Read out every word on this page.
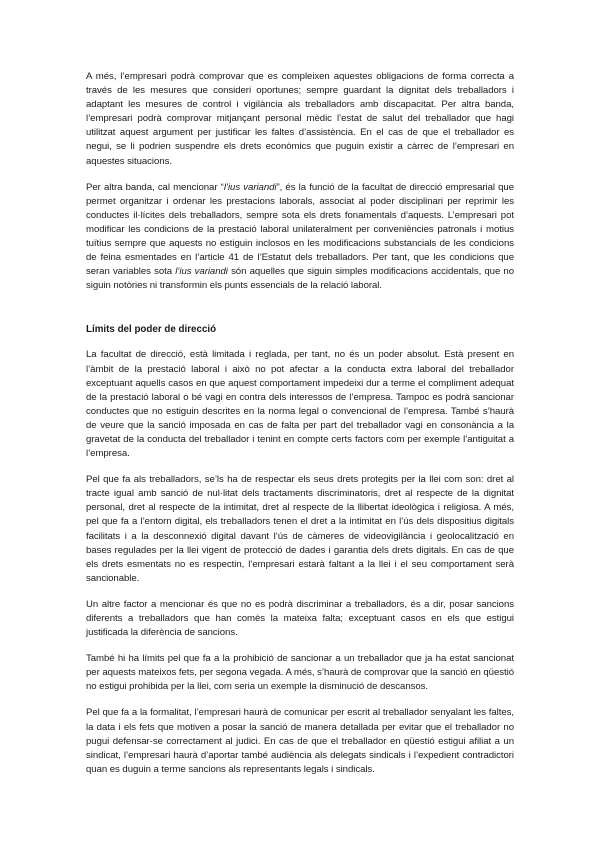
A més, l’empresari podrà comprovar que es compleixen aquestes obligacions de forma correcta a través de les mesures que consideri oportunes; sempre guardant la dignitat dels treballadors i adaptant les mesures de control i vigilància als treballadors amb discapacitat. Per altra banda, l’empresari podrà comprovar mitjançant personal mèdic l’estat de salut del treballador que hagi utilitzat aquest argument per justificar les faltes d’assistència. En el cas de que el treballador es negui, se li podrien suspendre els drets econòmics que puguin existir a càrrec de l’empresari en aquestes situacions.

Per altra banda, cal mencionar “l’ius variandi”, és la funció de la facultat de direcció empresarial que permet organitzar i ordenar les prestacions laborals, associat al poder disciplinari per reprimir les conductes il·lícites dels treballadors, sempre sota els drets fonamentals d’aquests. L’empresari pot modificar les condicions de la prestació laboral unilateralment per conveniències patronals i motius tuïtius sempre que aquests no estiguin inclosos en les modificacions substancials de les condicions de feina esmentades en l’article 41 de l’Estatut dels treballadors. Per tant, que les condicions que seran variables sota l’ius variandi són aquelles que siguin simples modificacions accidentals, que no siguin notòries ni transformin els punts essencials de la relació laboral.

Límits del poder de direcció

La facultat de direcció, està limitada i reglada, per tant, no és un poder absolut. Està present en l’àmbit de la prestació laboral i això no pot afectar a la conducta extra laboral del treballador exceptuant aquells casos en que aquest comportament impedeixi dur a terme el compliment adequat de la prestació laboral o bé vagi en contra dels interessos de l’empresa. Tampoc es podrà sancionar conductes que no estiguin descrites en la norma legal o convencional de l’empresa. També s’haurà de veure que la sanció imposada en cas de falta per part del treballador vagi en consonància a la gravetat de la conducta del treballador i tenint en compte certs factors com per exemple l’antiguitat a l’empresa.

Pel que fa als treballadors, se’ls ha de respectar els seus drets protegits per la llei com son: dret al tracte igual amb sanció de nul·litat dels tractaments discriminatoris, dret al respecte de la dignitat personal, dret al respecte de la intimitat, dret al respecte de la llibertat ideològica i religiosa. A més, pel que fa a l’entorn digital, els treballadors tenen el dret a la intimitat en l’ús dels dispositius digitals facilitats i a la desconnexió digital davant l’ús de càmeres de videovigilància i geolocalització en bases regulades per la llei vigent de protecció de dades i garantia dels drets digitals. En cas de que els drets esmentats no es respectin, l’empresari estarà faltant a la llei i el seu comportament serà sancionable.

Un altre factor a mencionar és que no es podrà discriminar a treballadors, és a dir, posar sancions diferents a treballadors que han comès la mateixa falta; exceptuant casos en els que estigui justificada la diferència de sancions.

També hi ha límits pel que fa a la prohibició de sancionar a un treballador que ja ha estat sancionat per aquests mateixos fets, per segona vegada. A més, s’haurà de comprovar que la sanció en qüestió no estigui prohibida per la llei, com seria un exemple la disminució de descansos.

Pel que fa a la formalitat, l’empresari haurà de comunicar per escrit al treballador senyalant les faltes, la data i els fets que motiven a posar la sanció de manera detallada per evitar que el treballador no pugui defensar-se correctament al judici. En cas de que el treballador en qüestió estigui afiliat a un sindicat, l’empresari haurà d’aportar també audiència als delegats sindicals i l’expedient contradictori quan es duguin a terme sancions als representants legals i sindicals.
